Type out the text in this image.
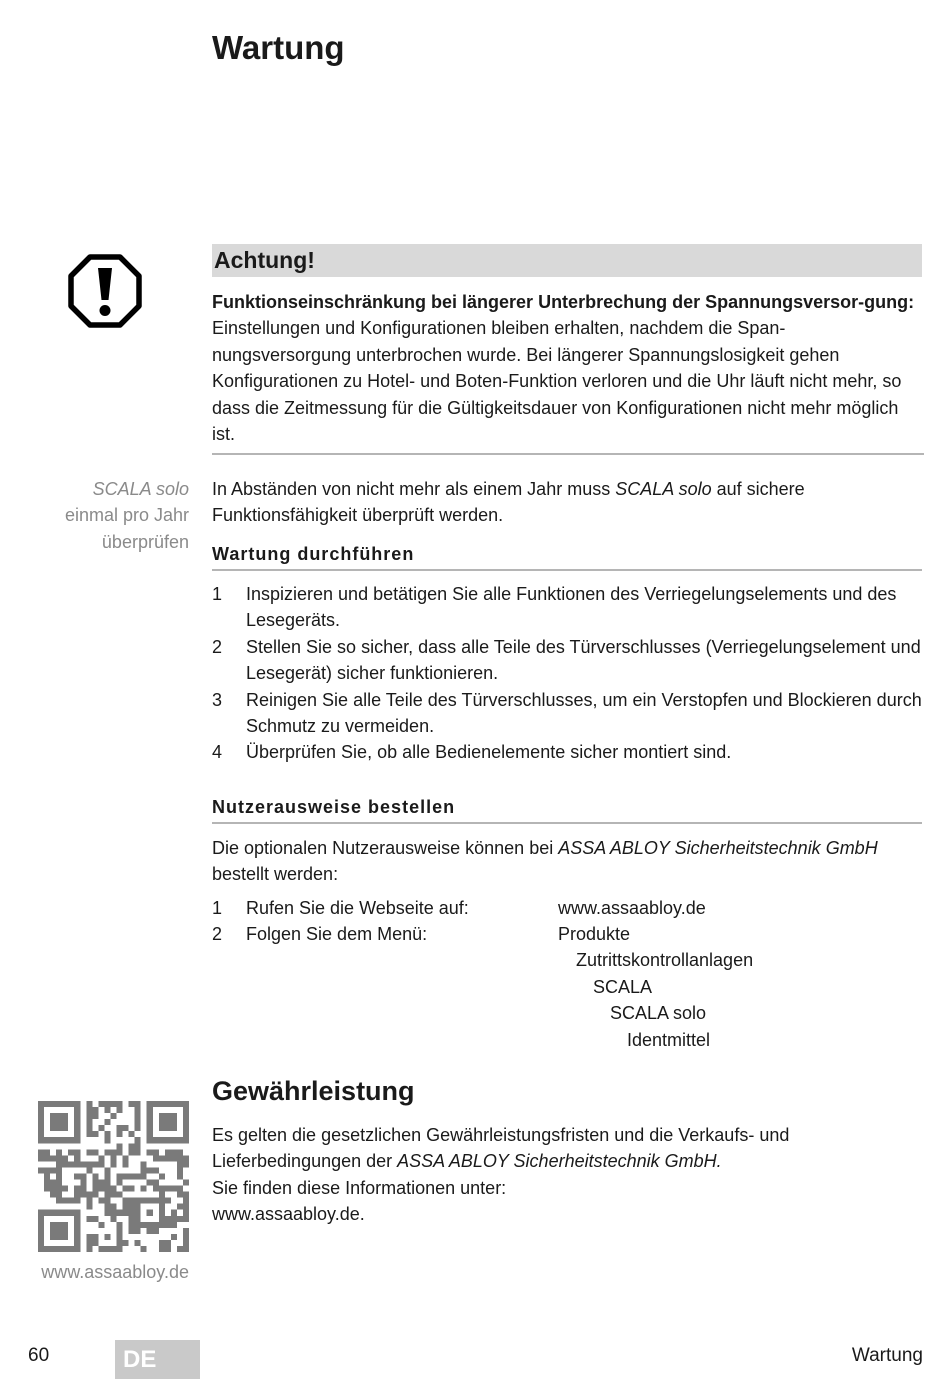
Wartung
Achtung!
Funktionseinschränkung bei längerer Unterbrechung der Spannungsversor-gung: Einstellungen und Konfigurationen bleiben erhalten, nachdem die Span-nungsversorgung unterbrochen wurde. Bei längerer Spannungslosigkeit gehen Konfigurationen zu Hotel- und Boten-Funktion verloren und die Uhr läuft nicht mehr, so dass die Zeitmessung für die Gültigkeitsdauer von Konfigurationen nicht mehr möglich ist.
SCALA solo
einmal pro Jahr
überprüfen
In Abständen von nicht mehr als einem Jahr muss SCALA solo auf sichere Funktionsfähigkeit überprüft werden.
Wartung durchführen
1	Inspizieren und betätigen Sie alle Funktionen des Verriegelungselements und des Lesegeräts.
2	Stellen Sie so sicher, dass alle Teile des Türverschlusses (Verriegelungselement und Lesegerät) sicher funktionieren.
3	Reinigen Sie alle Teile des Türverschlusses, um ein Verstopfen und Blockieren durch Schmutz zu vermeiden.
4	Überprüfen Sie, ob alle Bedienelemente sicher montiert sind.
Nutzerausweise bestellen
Die optionalen Nutzerausweise können bei ASSA ABLOY Sicherheitstechnik GmbH
bestellt werden:
1 Rufen Sie die Webseite auf:	www.assaabloy.de
2 Folgen Sie dem Menü:	Produkte
Zutrittskontrollanlagen
SCALA
SCALA solo
Identmittel
Gewährleistung
Es gelten die gesetzlichen Gewährleistungsfristen und die Verkaufs- und
Lieferbedingungen der ASSA ABLOY Sicherheitstechnik GmbH.
Sie finden diese Informationen unter:
www.assaabloy.de.
www.assaabloy.de
60	DE	Wartung
